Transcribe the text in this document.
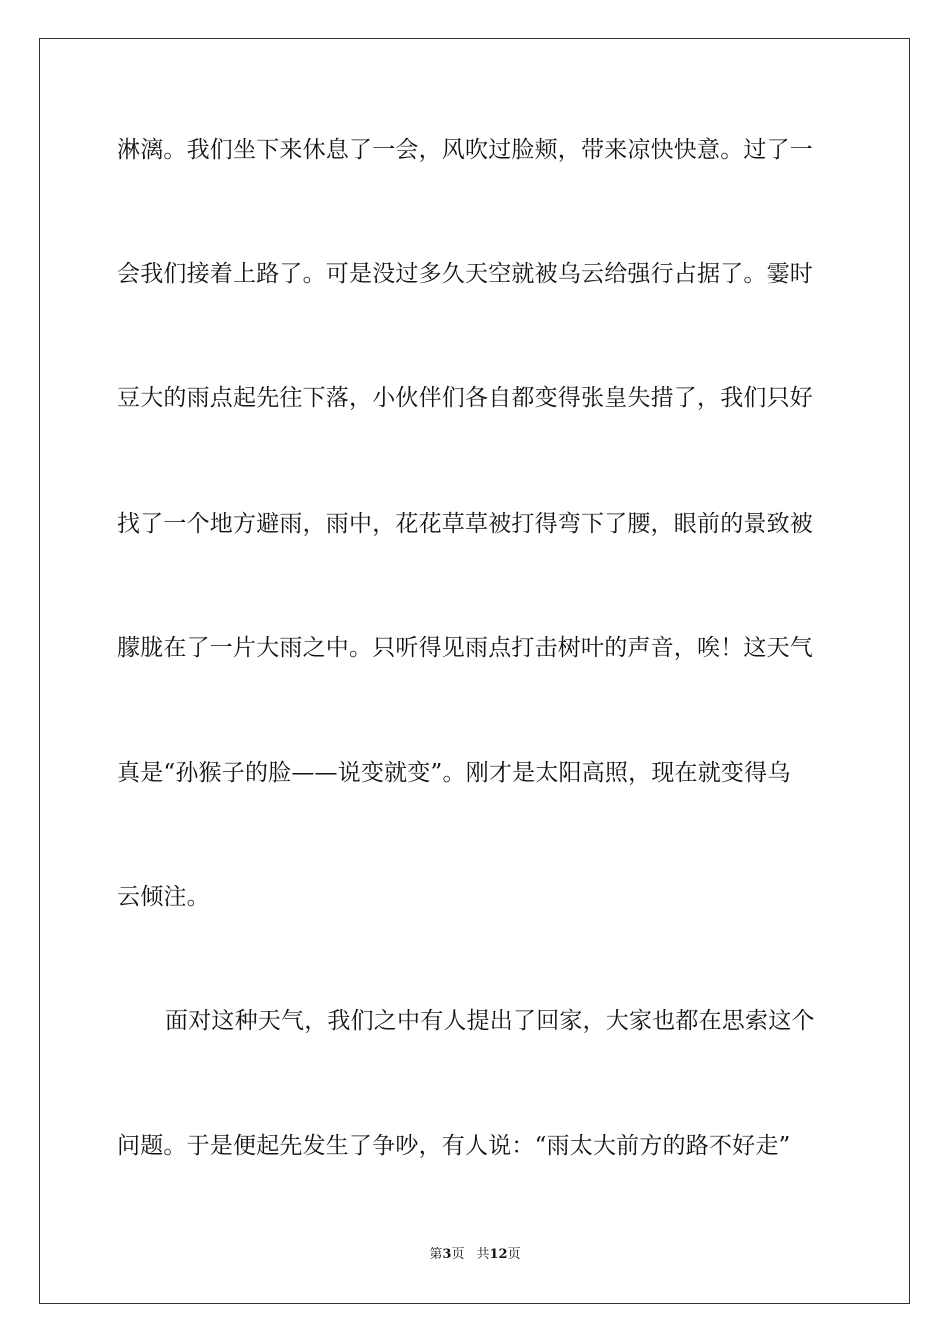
淋漓。我们坐下来休息了一会，风吹过脸颊，带来凉快快意。过了一
会我们接着上路了。可是没过多久天空就被乌云给强行占据了。霎时
豆大的雨点起先往下落，小伙伴们各自都变得张皇失措了，我们只好
找了一个地方避雨，雨中，花花草草被打得弯下了腰，眼前的景致被
朦胧在了一片大雨之中。只听得见雨点打击树叶的声音，唉！这天气
真是“孙猴子的脸——说变就变”。刚才是太阳高照，现在就变得乌
云倾注。
面对这种天气，我们之中有人提出了回家，大家也都在思索这个
问题。于是便起先发生了争吵，有人说：“雨太大前方的路不好走”
第3页 共12页
